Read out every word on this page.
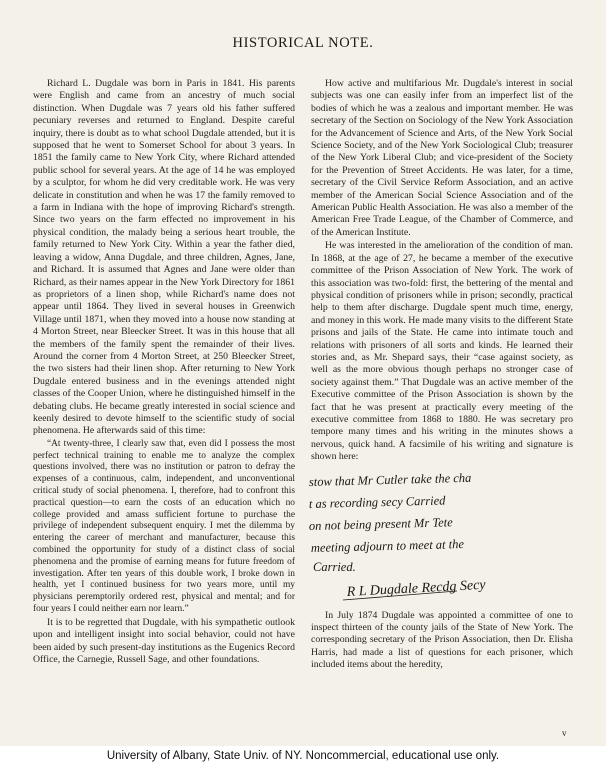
HISTORICAL NOTE.

Richard L. Dugdale was born in Paris in 1841. His parents were English and came from an ancestry of much social distinction. When Dugdale was 7 years old his father suffered pecuniary reverses and returned to England. Despite careful inquiry, there is doubt as to what school Dugdale attended, but it is supposed that he went to Somerset School for about 3 years. In 1851 the family came to New York City, where Richard attended public school for several years. At the age of 14 he was employed by a sculptor, for whom he did very creditable work. He was very delicate in constitution and when he was 17 the family removed to a farm in Indiana with the hope of improving Richard's strength. Since two years on the farm effected no improvement in his physical condition, the malady being a serious heart trouble, the family returned to New York City. Within a year the father died, leaving a widow, Anna Dugdale, and three children, Agnes, Jane, and Richard. It is assumed that Agnes and Jane were older than Richard, as their names appear in the New York Directory for 1861 as proprietors of a linen shop, while Richard's name does not appear until 1864. They lived in several houses in Greenwich Village until 1871, when they moved into a house now standing at 4 Morton Street, near Bleecker Street. It was in this house that all the members of the family spent the remainder of their lives. Around the corner from 4 Morton Street, at 250 Bleecker Street, the two sisters had their linen shop. After returning to New York Dugdale entered business and in the evenings attended night classes of the Cooper Union, where he distinguished himself in the debating clubs. He became greatly interested in social science and keenly desired to devote himself to the scientific study of social phenomena. He afterwards said of this time:

“At twenty-three, I clearly saw that, even did I possess the most perfect technical training to enable me to analyze the complex questions involved, there was no institution or patron to defray the expenses of a continuous, calm, independent, and unconventional critical study of social phenomena. I, therefore, had to confront this practical question—to earn the costs of an education which no college provided and amass sufficient fortune to purchase the privilege of independent subsequent enquiry. I met the dilemma by entering the career of merchant and manufacturer, because this combined the opportunity for study of a distinct class of social phenomena and the promise of earning means for future freedom of investigation. After ten years of this double work, I broke down in health, yet I continued business for two years more, until my physicians peremptorily ordered rest, physical and mental; and for four years I could neither earn nor learn.”

It is to be regretted that Dugdale, with his sympathetic outlook upon and intelligent insight into social behavior, could not have been aided by such present-day institutions as the Eugenics Record Office, the Carnegie, Russell Sage, and other foundations.

How active and multifarious Mr. Dugdale's interest in social subjects was one can easily infer from an imperfect list of the bodies of which he was a zealous and important member. He was secretary of the Section on Sociology of the New York Association for the Advancement of Science and Arts, of the New York Social Science Society, and of the New York Sociological Club; treasurer of the New York Liberal Club; and vice-president of the Society for the Prevention of Street Accidents. He was later, for a time, secretary of the Civil Service Reform Association, and an active member of the American Social Science Association and of the American Public Health Association. He was also a member of the American Free Trade League, of the Chamber of Commerce, and of the American Institute.

He was interested in the amelioration of the condition of man. In 1868, at the age of 27, he became a member of the executive committee of the Prison Association of New York. The work of this association was two-fold: first, the bettering of the mental and physical condition of prisoners while in prison; secondly, practical help to them after discharge. Dugdale spent much time, energy, and money in this work. He made many visits to the different State prisons and jails of the State. He came into intimate touch and relations with prisoners of all sorts and kinds. He learned their stories and, as Mr. Shepard says, their “case against society, as well as the more obvious though perhaps no stronger case of society against them.” That Dugdale was an active member of the Executive committee of the Prison Association is shown by the fact that he was present at practically every meeting of the executive committee from 1868 to 1880. He was secretary pro tempore many times and his writing in the minutes shows a nervous, quick hand. A facsimile of his writing and signature is shown here:

stow that Mr Cutler take the cha
t as recording secy Carried
on not being present Mr Tete
meeting adjourn to meet at the
Carried.
R L Dugdale Recdg Secy

In July 1874 Dugdale was appointed a committee of one to inspect thirteen of the county jails of the State of New York. The corresponding secretary of the Prison Association, then Dr. Elisha Harris, had made a list of questions for each prisoner, which included items about the heredity,

v
University of Albany, State Univ. of NY. Noncommercial, educational use only.
